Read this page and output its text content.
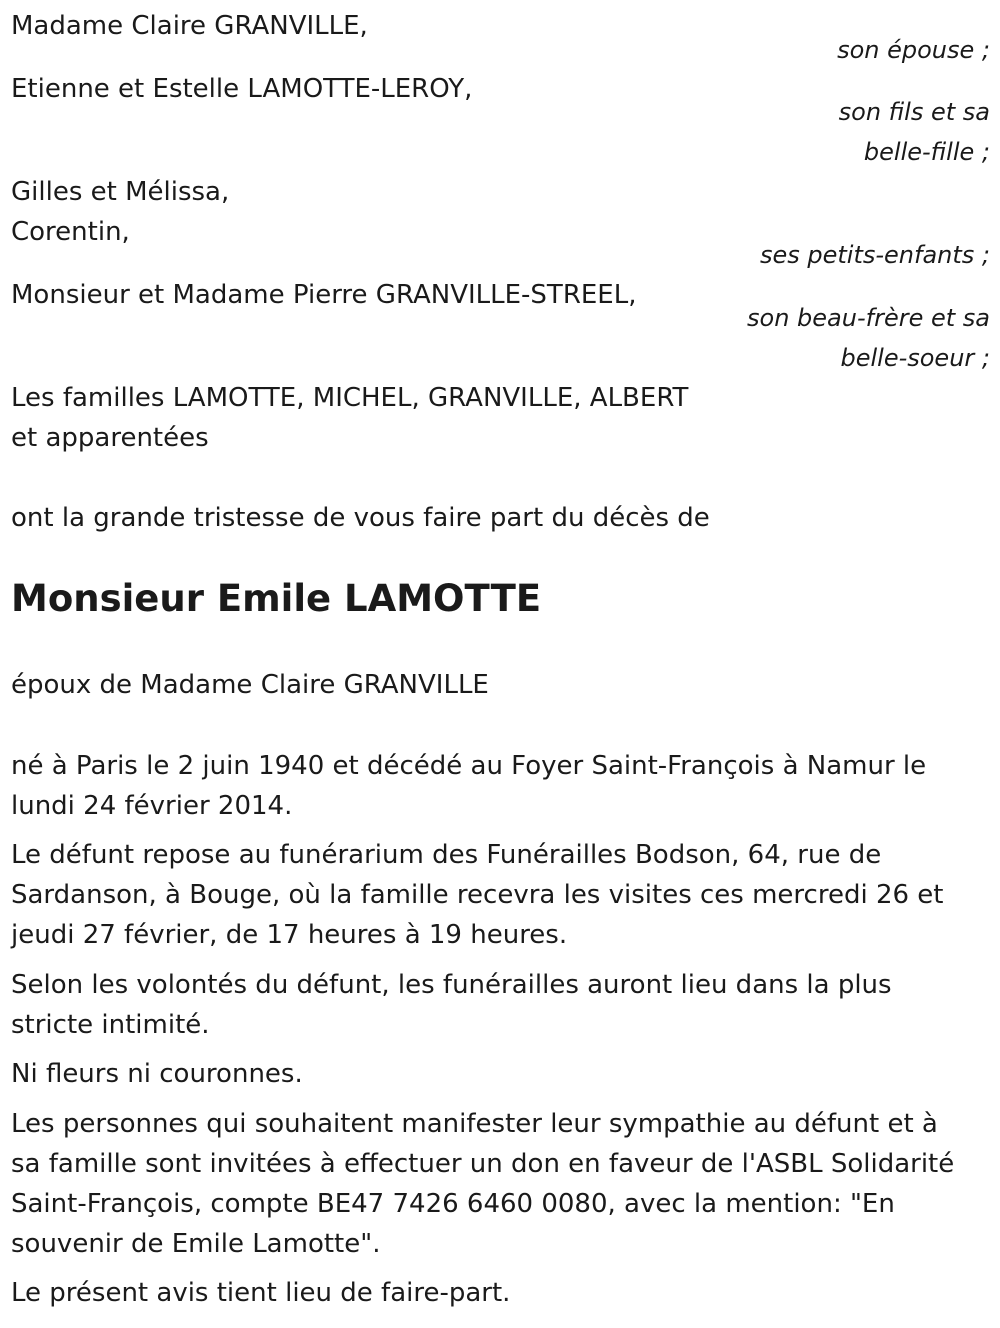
Madame Claire GRANVILLE,
son épouse ;
Etienne et Estelle LAMOTTE-LEROY,
son fils et sa
belle-fille ;
Gilles et Mélissa,
Corentin,
ses petits-enfants ;
Monsieur et Madame Pierre GRANVILLE-STREEL,
son beau-frère et sa
belle-soeur ;
Les familles LAMOTTE, MICHEL, GRANVILLE, ALBERT
et apparentées
ont la grande tristesse de vous faire part du décès de
Monsieur Emile LAMOTTE
époux de Madame Claire GRANVILLE
né à Paris le 2 juin 1940 et décédé au Foyer Saint-François à Namur le
lundi 24 février 2014.
Le défunt repose au funérarium des Funérailles Bodson, 64, rue de
Sardanson, à Bouge, où la famille recevra les visites ces mercredi 26 et
jeudi 27 février, de 17 heures à 19 heures.
Selon les volontés du défunt, les funérailles auront lieu dans la plus
stricte intimité.
Ni fleurs ni couronnes.
Les personnes qui souhaitent manifester leur sympathie au défunt et à
sa famille sont invitées à effectuer un don en faveur de l'ASBL Solidarité
Saint-François, compte BE47 7426 6460 0080, avec la mention: "En
souvenir de Emile Lamotte".
Le présent avis tient lieu de faire-part.
